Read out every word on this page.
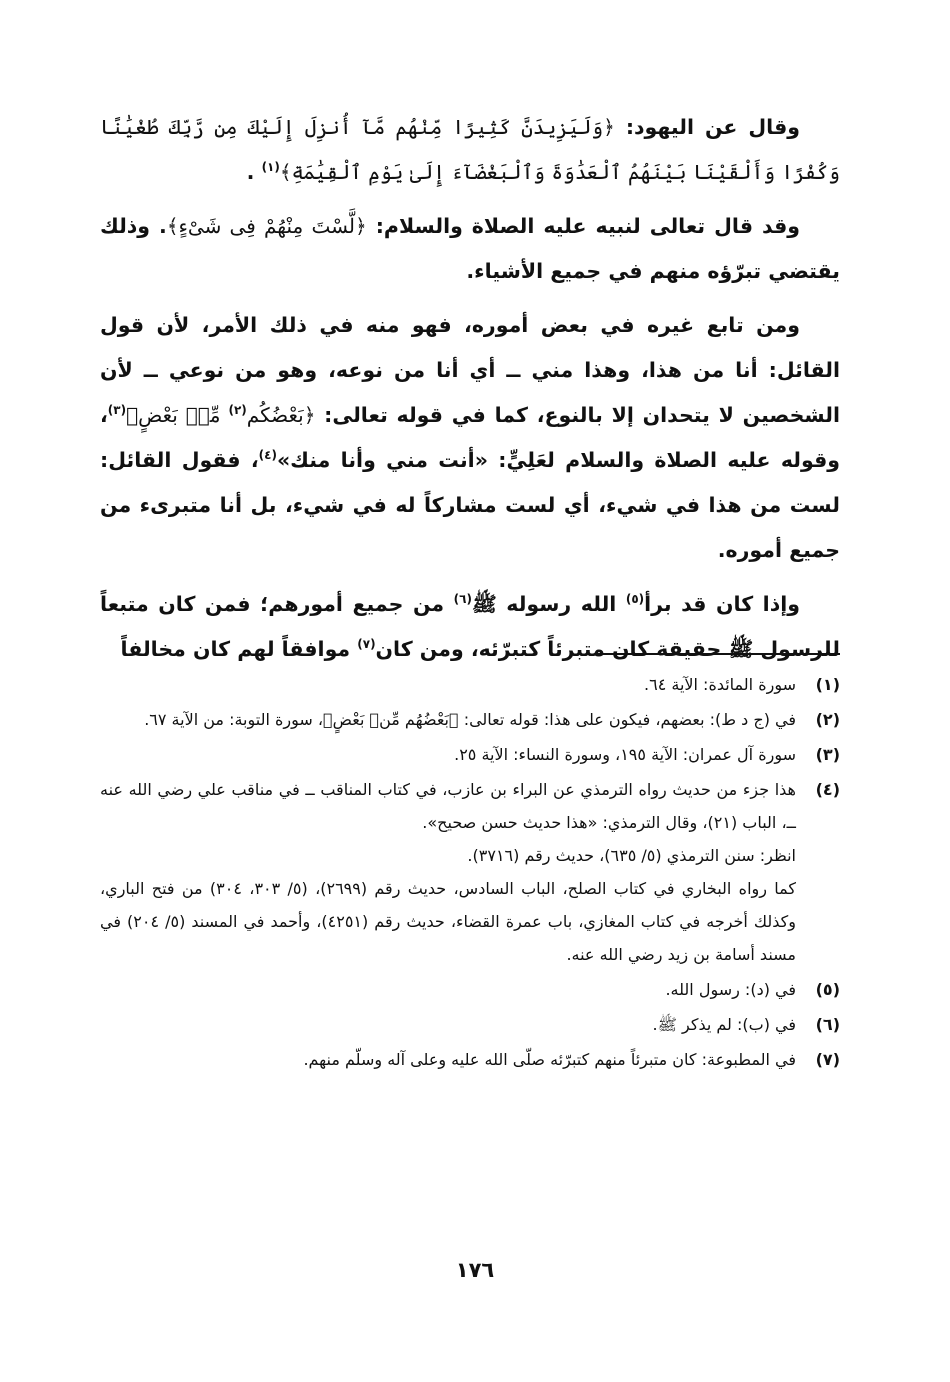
وقال عن اليهود: ﴿وَلَيَزِيدَنَّ كَثِيرًا مِّنْهُم مَّآ أُنزِلَ إِلَيْكَ مِن رَّبِّكَ طُغْيَٰنًا وَكُفْرًا وَأَلْقَيْنَا بَيْنَهُمُ ٱلْعَدَٰوَةَ وَٱلْبَغْضَآءَ إِلَىٰ يَوْمِ ٱلْقِيَٰمَةِ﴾$^{(١)}$ .

وقد قال تعالى لنبيه عليه الصلاة والسلام: ﴿لَّسْتَ مِنْهُمْ فِى شَىْءٍ﴾. وذلك يقتضي تبرّؤه منهم في جميع الأشياء.

ومن تابع غيره في بعض أموره، فهو منه في ذلك الأمر، لأن قول القائل: أنا من هذا، وهذا مني ــ أي أنا من نوعه، وهو من نوعي ــ لأن الشخصين لا يتحدان إلا بالنوع، كما في قوله تعالى: ﴿بَعْضُكُم$^{(٢)}$ مِّنۢ بَعْضٍ﴾$^{(٣)}$، وقوله عليه الصلاة والسلام لعَلِيٍّ: «أنت مني وأنا منك»$^{(٤)}$، فقول القائل: لست من هذا في شيء، أي لست مشاركاً له في شيء، بل أنا متبرىء من جميع أموره.

وإذا كان قد برأ$^{(٥)}$ الله رسوله ﷺ$^{(٦)}$ من جميع أمورهم؛ فمن كان متبعاً للرسول ﷺ حقيقة كان متبرئاً كتبرّئه، ومن كان$^{(٧)}$ موافقاً لهم كان مخالفاً

(١)
سورة المائدة: الآية ٦٤.
(٢)
في (ج د ط): بعضهم، فيكون على هذا: قوله تعالى: ﴿بَعْضُهُم مِّنۢ بَعْضٍ﴾، سورة التوبة: من الآية ٦٧.
(٣)
سورة آل عمران: الآية ١٩٥، وسورة النساء: الآية ٢٥.
(٤)
هذا جزء من حديث رواه الترمذي عن البراء بن عازب، في كتاب المناقب ــ في مناقب علي رضي الله عنه ــ، الباب (٢١)، وقال الترمذي: «هذا حديث حسن صحيح».
انظر: سنن الترمذي (٥/ ٦٣٥)، حديث رقم (٣٧١٦).
كما رواه البخاري في كتاب الصلح، الباب السادس، حديث رقم (٢٦٩٩)، (٥/ ٣٠٣، ٣٠٤) من فتح الباري، وكذلك أخرجه في كتاب المغازي، باب عمرة القضاء، حديث رقم (٤٢٥١)، وأحمد في المسند (٥/ ٢٠٤) في مسند أسامة بن زيد رضي الله عنه.
(٥)
في (د): رسول الله.
(٦)
في (ب): لم يذكر ﷺ.
(٧)
في المطبوعة: كان متبرئاً منهم كتبرّئه صلّى الله عليه وعلى آله وسلّم منهم.
١٧٦
